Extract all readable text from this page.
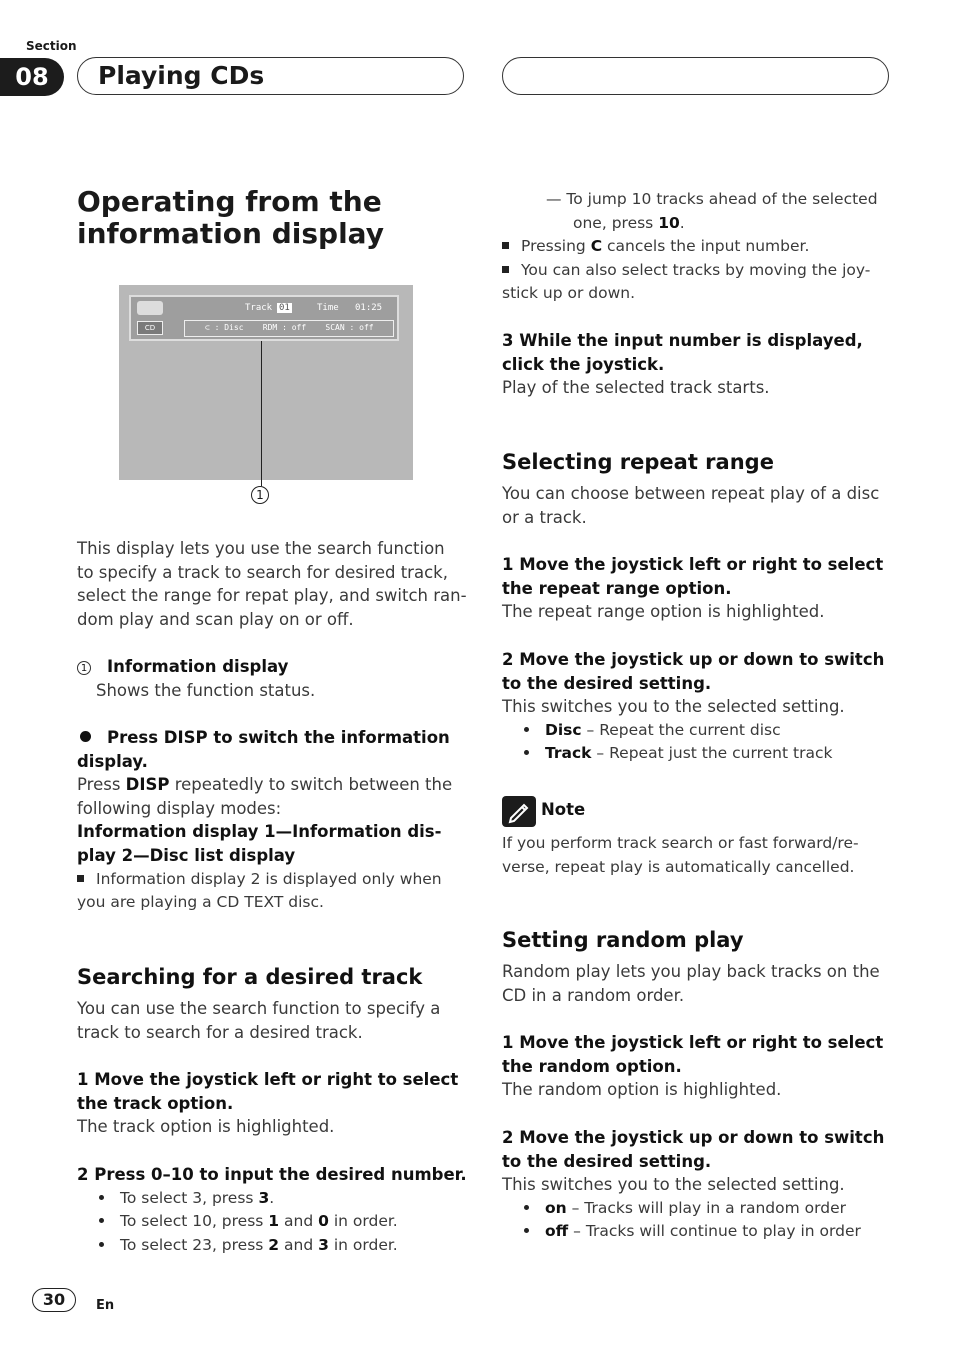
Section
08	Playing CDs
Operating from the
information display
CD
Track 01	Time 01:25
⊂ : Disc    RDM : off    SCAN : off
1
This display lets you use the search function
to specify a track to search for desired track,
select the range for repat play, and switch ran-
dom play and scan play on or off.
1 Information display
Shows the function status.
Press DISP to switch the information
display.
Press DISP repeatedly to switch between the
following display modes:
Information display 1—Information dis-
play 2—Disc list display
Information display 2 is displayed only when
you are playing a CD TEXT disc.
Searching for a desired track
You can use the search function to specify a
track to search for a desired track.
1 Move the joystick left or right to select
the track option.
The track option is highlighted.
2 Press 0–10 to input the desired number.
To select 3, press 3.
To select 10, press 1 and 0 in order.
To select 23, press 2 and 3 in order.
— To jump 10 tracks ahead of the selected
one, press 10.
Pressing C cancels the input number.
You can also select tracks by moving the joy-
stick up or down.
3 While the input number is displayed,
click the joystick.
Play of the selected track starts.
Selecting repeat range
You can choose between repeat play of a disc
or a track.
1 Move the joystick left or right to select
the repeat range option.
The repeat range option is highlighted.
2 Move the joystick up or down to switch
to the desired setting.
This switches you to the selected setting.
Disc – Repeat the current disc
Track – Repeat just the current track
Note
If you perform track search or fast forward/re-
verse, repeat play is automatically cancelled.
Setting random play
Random play lets you play back tracks on the
CD in a random order.
1 Move the joystick left or right to select
the random option.
The random option is highlighted.
2 Move the joystick up or down to switch
to the desired setting.
This switches you to the selected setting.
on – Tracks will play in a random order
off – Tracks will continue to play in order
30	En
